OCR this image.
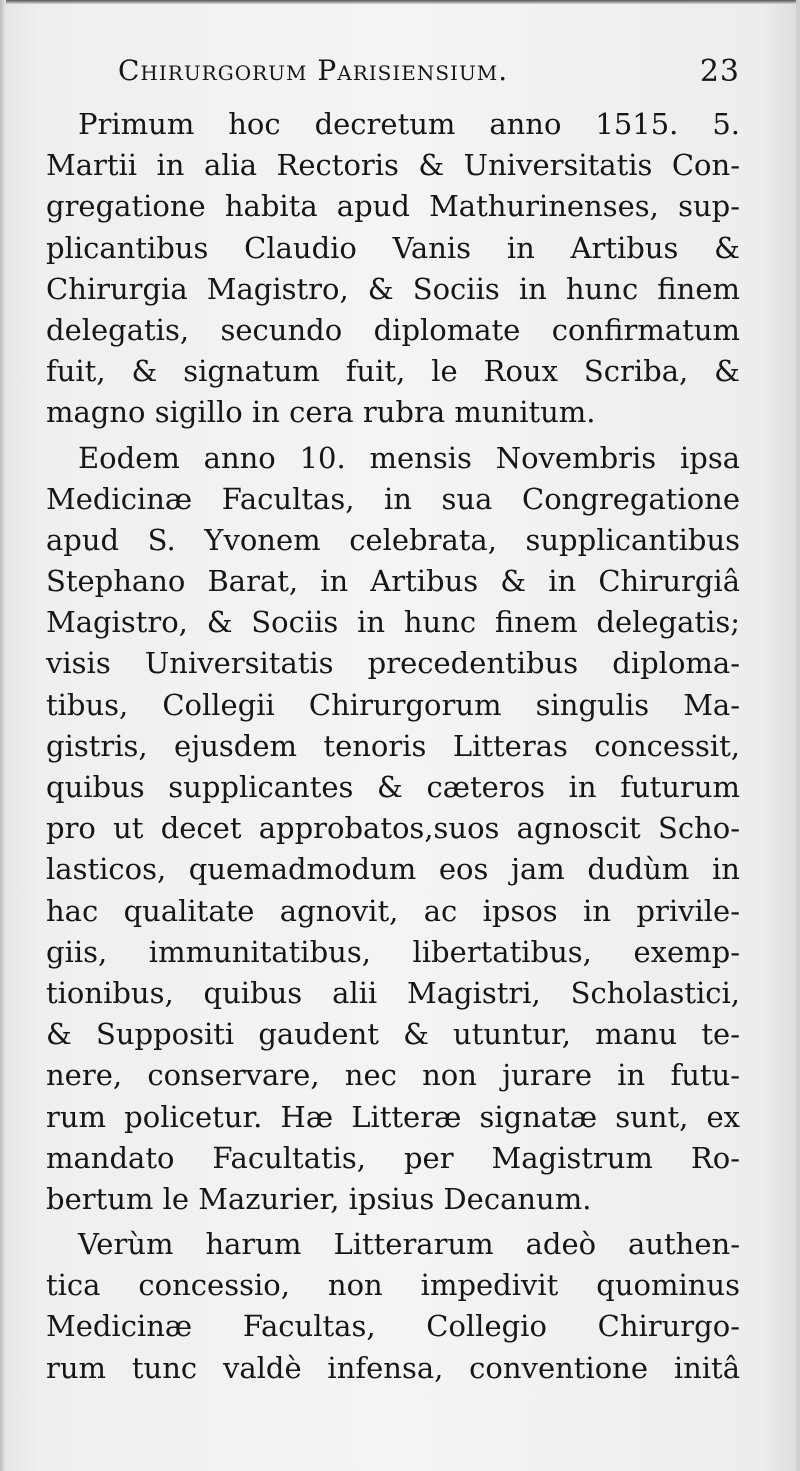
Chirurgorum Parisiensium.	23
Primum hoc decretum anno 1515. 5.
Martii in alia Rectoris & Universitatis Con-
gregatione habita apud Mathurinenses, sup-
plicantibus Claudio Vanis in Artibus &
Chirurgia Magistro, & Sociis in hunc finem
delegatis, secundo diplomate confirmatum
fuit, & signatum fuit, le Roux Scriba, &
magno sigillo in cera rubra munitum.
Eodem anno 10. mensis Novembris ipsa
Medicinæ Facultas, in sua Congregatione
apud S. Yvonem celebrata, supplicantibus
Stephano Barat, in Artibus & in Chirurgiâ
Magistro, & Sociis in hunc finem delegatis;
visis Universitatis precedentibus diploma-
tibus, Collegii Chirurgorum singulis Ma-
gistris, ejusdem tenoris Litteras concessit,
quibus supplicantes & cæteros in futurum
pro ut decet approbatos,suos agnoscit Scho-
lasticos, quemadmodum eos jam dudùm in
hac qualitate agnovit, ac ipsos in privile-
giis, immunitatibus, libertatibus, exemp-
tionibus, quibus alii Magistri, Scholastici,
& Suppositi gaudent & utuntur, manu te-
nere, conservare, nec non jurare in futu-
rum policetur. Hæ Litteræ signatæ sunt, ex
mandato Facultatis, per Magistrum Ro-
bertum le Mazurier, ipsius Decanum.
Verùm harum Litterarum adeò authen-
tica concessio, non impedivit quominus
Medicinæ Facultas, Collegio Chirurgo-
rum tunc valdè infensa, conventione initâ
